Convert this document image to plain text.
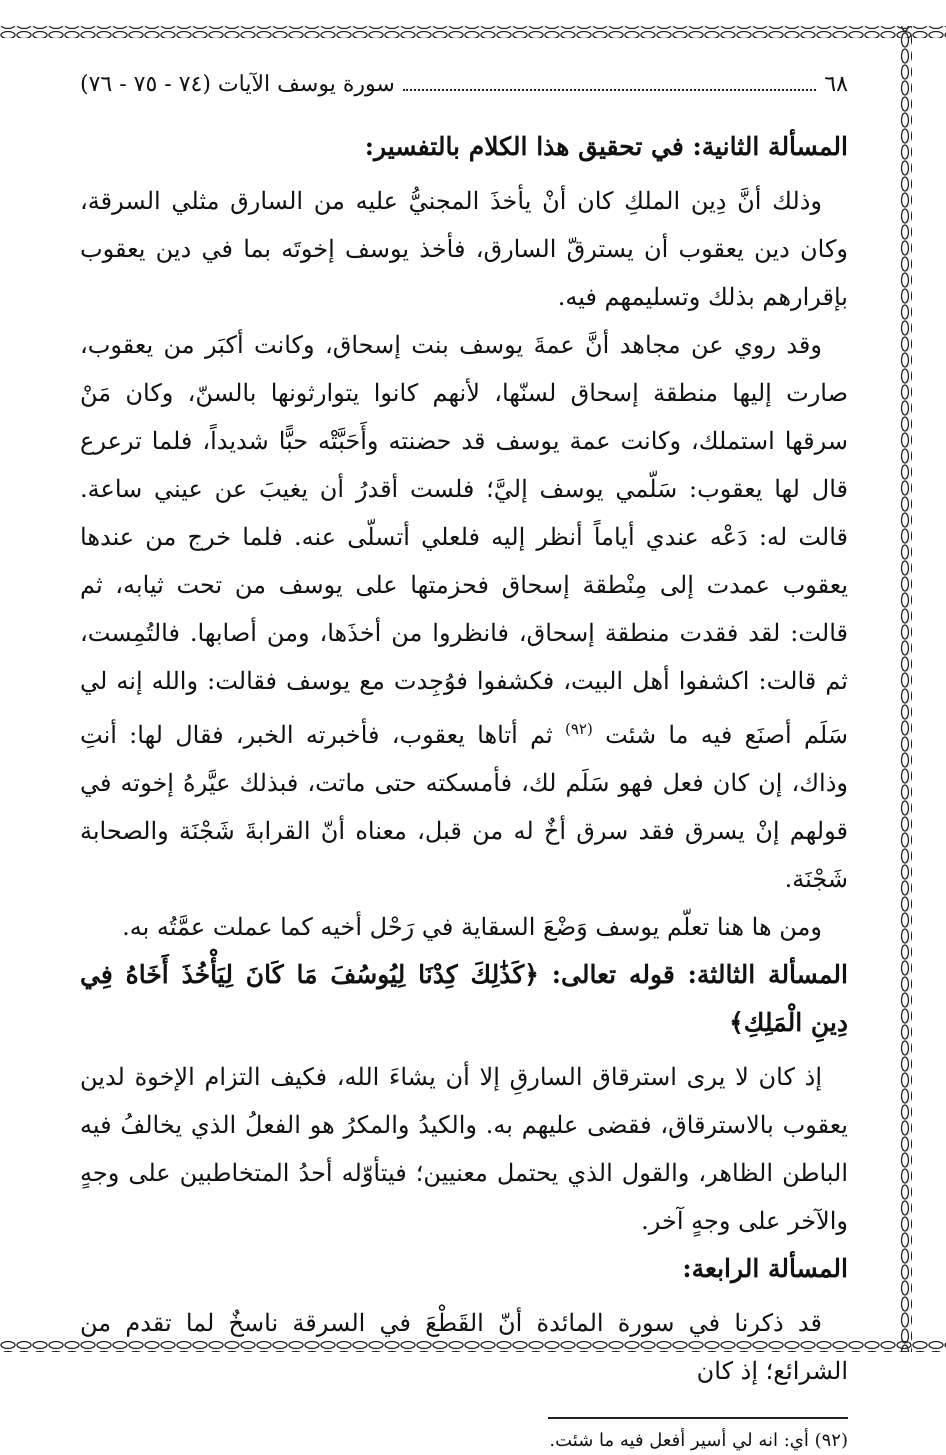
٦٨
سورة يوسف الآيات (٧٤ - ٧٥ - ٧٦)
المسألة الثانية: في تحقيق هذا الكلام بالتفسير:

وذلك أنَّ دِين الملكِ كان أنْ يأخذَ المجنيُّ عليه من السارق مثلي السرقة، وكان دين يعقوب أن يسترقّ السارق، فأخذ يوسف إخوتَه بما في دين يعقوب بإقرارهم بذلك وتسليمهم فيه.

وقد روي عن مجاهد أنَّ عمةَ يوسف بنت إسحاق، وكانت أكبَر من يعقوب، صارت إليها منطقة إسحاق لسنّها، لأنهم كانوا يتوارثونها بالسنّ، وكان مَنْ سرقها استملك، وكانت عمة يوسف قد حضنته وأَحَبَّتْه حبًّا شديداً، فلما ترعرع قال لها يعقوب: سَلّمي يوسف إليَّ؛ فلست أقدرُ أن يغيبَ عن عيني ساعة. قالت له: دَعْه عندي أياماً أنظر إليه فلعلي أتسلّى عنه. فلما خرج من عندها يعقوب عمدت إلى مِنْطقة إسحاق فحزمتها على يوسف من تحت ثيابه، ثم قالت: لقد فقدت منطقة إسحاق، فانظروا من أخذَها، ومن أصابها. فالتُمِست، ثم قالت: اكشفوا أهل البيت، فكشفوا فوُجِدت مع يوسف فقالت: والله إنه لي سَلَم أصنَع فيه ما شئت $^{(٩٢)}$ ثم أتاها يعقوب، فأخبرته الخبر، فقال لها: أنتِ وذاك، إن كان فعل فهو سَلَم لك، فأمسكته حتى ماتت، فبذلك عيَّرهُ إخوته في قولهم إنْ يسرق فقد سرق أخٌ له من قبل، معناه أنّ القرابةَ شَجْنَة والصحابة شَجْنَة.

ومن ها هنا تعلّم يوسف وَضْعَ السقاية في رَحْل أخيه كما عملت عمَّتُه به.

المسألة الثالثة: قوله تعالى: ﴿كَذَٰلِكَ كِدْنَا لِيُوسُفَ مَا كَانَ لِيَأْخُذَ أَخَاهُ فِي دِينِ الْمَلِكِ﴾

إذ كان لا يرى استرقاق السارقِ إلا أن يشاءَ الله، فكيف التزام الإخوة لدين يعقوب بالاسترقاق، فقضى عليهم به. والكيدُ والمكرُ هو الفعلُ الذي يخالفُ فيه الباطن الظاهر، والقول الذي يحتمل معنيين؛ فيتأوّله أحدُ المتخاطبين على وجهٍ والآخر على وجهٍ آخر.

المسألة الرابعة:

قد ذكرنا في سورة المائدة أنّ القَطْعَ في السرقة ناسخٌ لما تقدم من الشرائع؛ إذ كان

(٩٢) أي: انه لي أسير أفعل فيه ما شئت.
